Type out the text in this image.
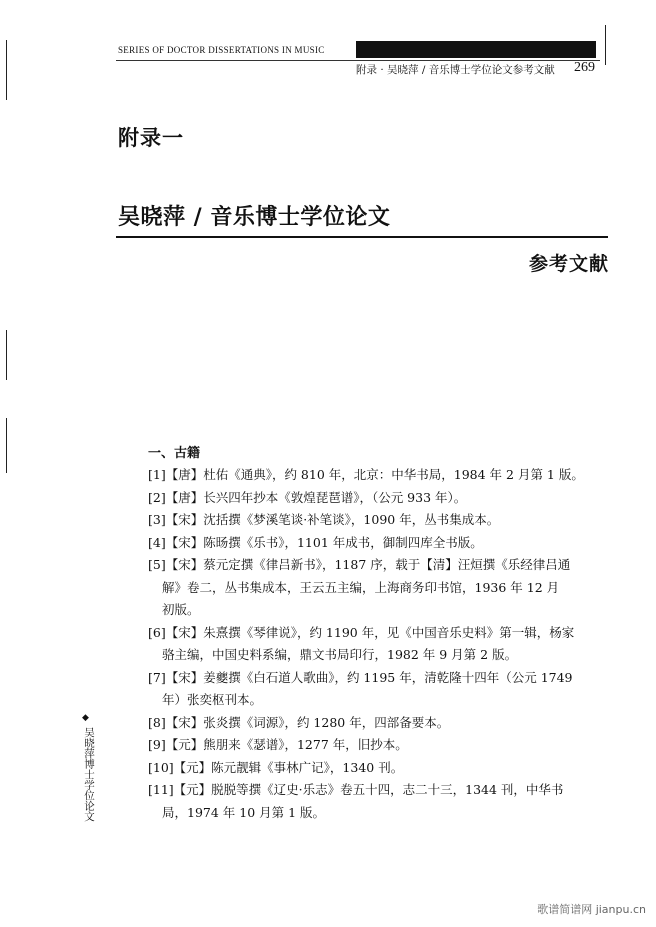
SERIES OF DOCTOR DISSERTATIONS IN MUSIC
附录 · 吴晓萍 / 音乐博士学位论文参考文献 269
附录一
吴晓萍 / 音乐博士学位论文
参考文献
◆
吴晓萍博士学位论文
一、古籍
[1]【唐】杜佑《通典》，约 810 年，北京：中华书局，1984 年 2 月第 1 版。
[2]【唐】长兴四年抄本《敦煌琵琶谱》，（公元 933 年）。
[3]【宋】沈括撰《梦溪笔谈·补笔谈》，1090 年，丛书集成本。
[4]【宋】陈旸撰《乐书》，1101 年成书，御制四库全书版。
[5]【宋】蔡元定撰《律吕新书》，1187 序，载于【清】汪烜撰《乐经律吕通
解》卷二，丛书集成本，王云五主编，上海商务印书馆，1936 年 12 月
初版。
[6]【宋】朱熹撰《琴律说》，约 1190 年，见《中国音乐史料》第一辑，杨家
骆主编，中国史料系编，鼎文书局印行，1982 年 9 月第 2 版。
[7]【宋】姜夔撰《白石道人歌曲》，约 1195 年，清乾隆十四年（公元 1749
年）张奕枢刊本。
[8]【宋】张炎撰《词源》，约 1280 年，四部备要本。
[9]【元】熊朋来《瑟谱》，1277 年，旧抄本。
[10]【元】陈元靓辑《事林广记》，1340 刊。
[11]【元】脱脱等撰《辽史·乐志》卷五十四，志二十三，1344 刊，中华书
局，1974 年 10 月第 1 版。
歌谱简谱网 jianpu.cn
